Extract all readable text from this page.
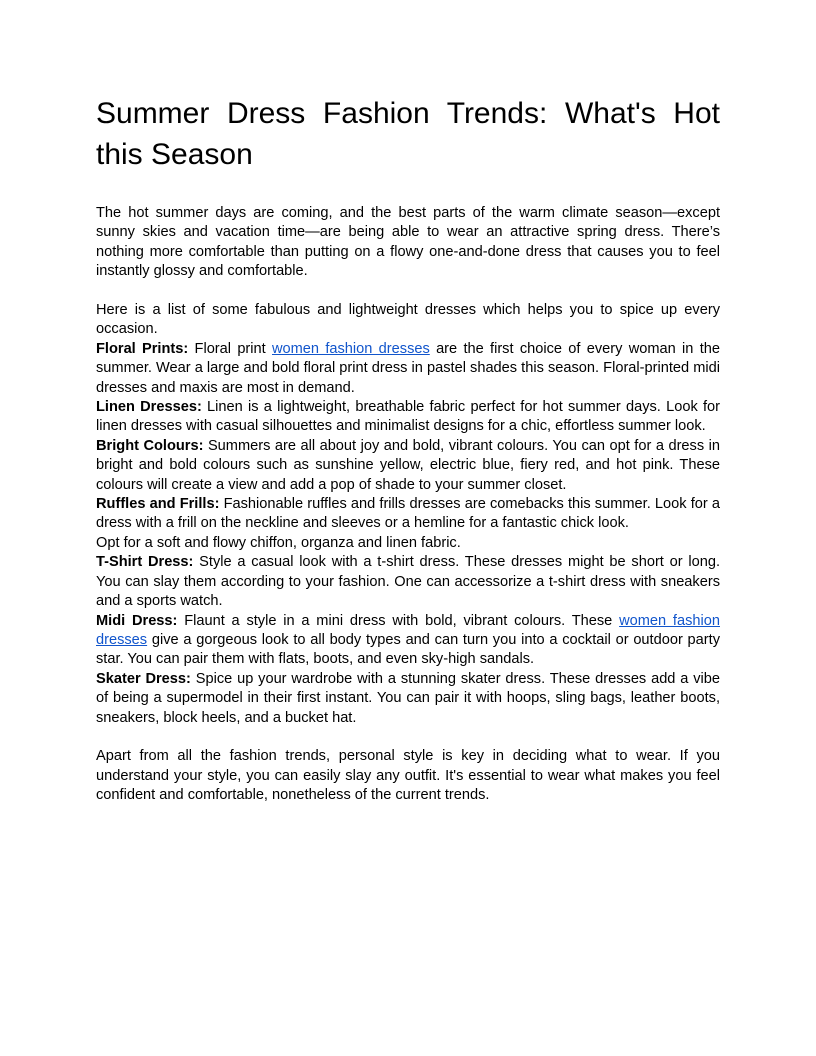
Summer Dress Fashion Trends: What's Hot this Season

The hot summer days are coming, and the best parts of the warm climate season—except sunny skies and vacation time—are being able to wear an attractive spring dress. There’s nothing more comfortable than putting on a flowy one-and-done dress that causes you to feel instantly glossy and comfortable.

Here is a list of some fabulous and lightweight dresses which helps you to spice up every occasion.

Floral Prints: Floral print women fashion dresses are the first choice of every woman in the summer. Wear a large and bold floral print dress in pastel shades this season. Floral-printed midi dresses and maxis are most in demand.

Linen Dresses: Linen is a lightweight, breathable fabric perfect for hot summer days. Look for linen dresses with casual silhouettes and minimalist designs for a chic, effortless summer look.

Bright Colours: Summers are all about joy and bold, vibrant colours. You can opt for a dress in bright and bold colours such as sunshine yellow, electric blue, fiery red, and hot pink. These colours will create a view and add a pop of shade to your summer closet.

Ruffles and Frills: Fashionable ruffles and frills dresses are comebacks this summer. Look for a dress with a frill on the neckline and sleeves or a hemline for a fantastic chick look.

Opt for a soft and flowy chiffon, organza and linen fabric.

T-Shirt Dress: Style a casual look with a t-shirt dress. These dresses might be short or long. You can slay them according to your fashion. One can accessorize a t-shirt dress with sneakers and a sports watch.

Midi Dress: Flaunt a style in a mini dress with bold, vibrant colours. These women fashion dresses give a gorgeous look to all body types and can turn you into a cocktail or outdoor party star. You can pair them with flats, boots, and even sky-high sandals.

Skater Dress: Spice up your wardrobe with a stunning skater dress. These dresses add a vibe of being a supermodel in their first instant. You can pair it with hoops, sling bags, leather boots, sneakers, block heels, and a bucket hat.

Apart from all the fashion trends, personal style is key in deciding what to wear. If you understand your style, you can easily slay any outfit. It's essential to wear what makes you feel confident and comfortable, nonetheless of the current trends.
